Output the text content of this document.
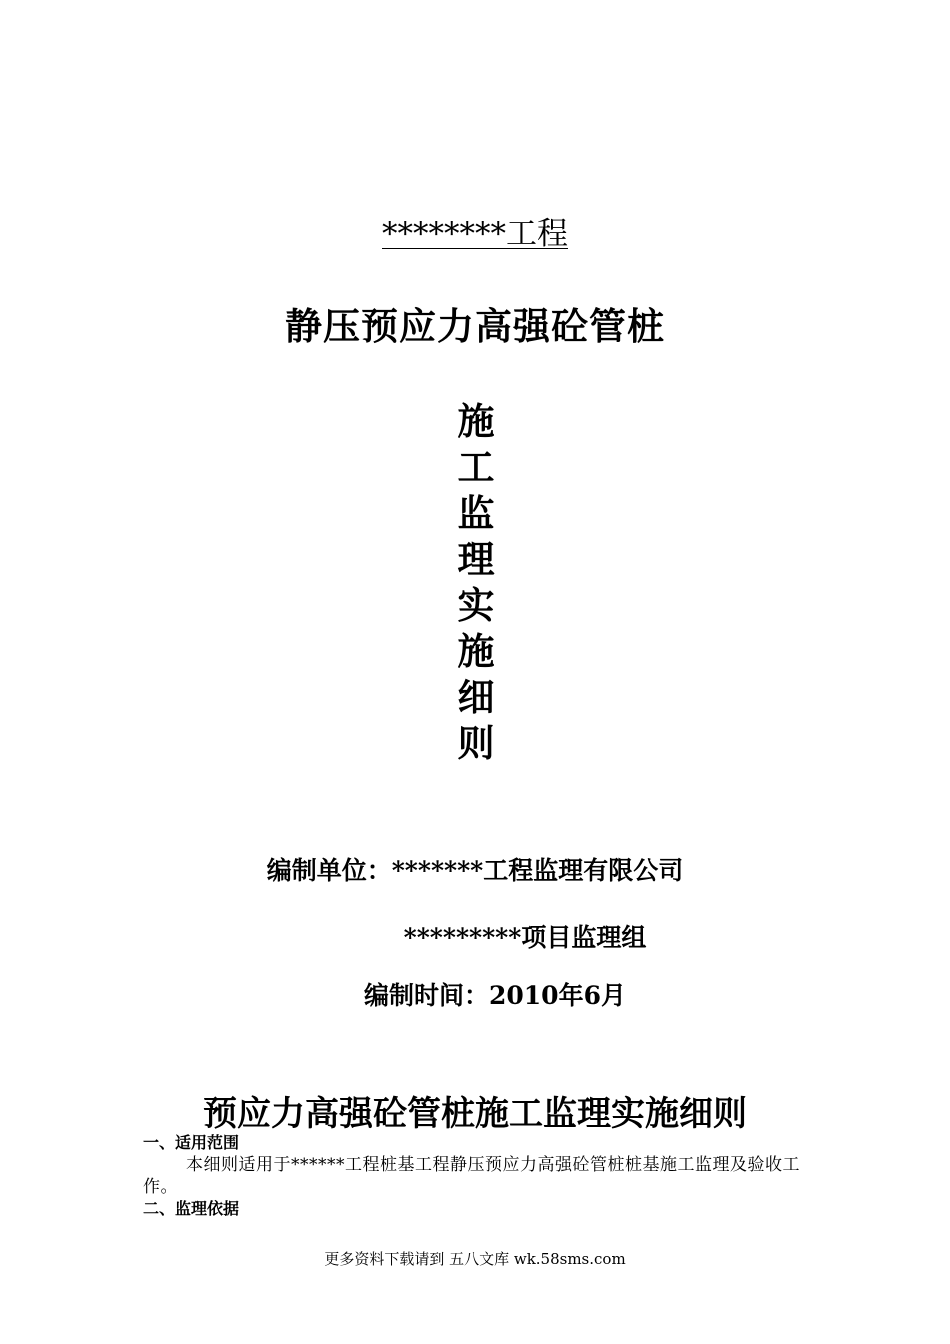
********工程
静压预应力高强砼管桩
施
工
监
理
实
施
细
则
编制单位：*******工程监理有限公司
*********项目监理组
编制时间：2010年6月
预应力高强砼管桩施工监理实施细则
一、适用范围
本细则适用于******工程桩基工程静压预应力高强砼管桩桩基施工监理及验收工作。
二、监理依据
更多资料下载请到 五八文库 wk.58sms.com
